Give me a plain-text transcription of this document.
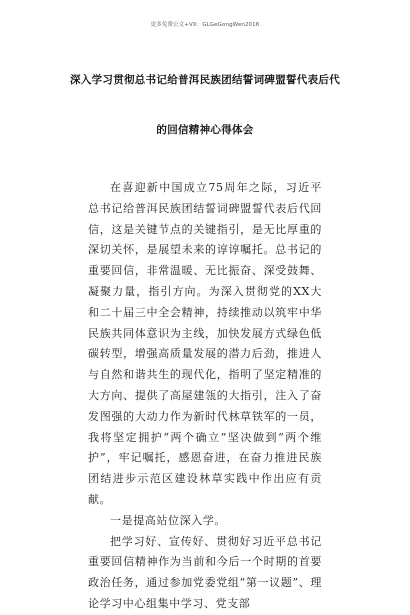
更多免费公文+VX：GLGeGongWen2016
深入学习贯彻总书记给普洱民族团结誓词碑盟誓代表后代
的回信精神心得体会

在喜迎新中国成立75周年之际，习近平总书记给普洱民族团结誓词碑盟誓代表后代回信，这是关键节点的关键指引，是无比厚重的深切关怀，是展望未来的谆谆嘱托。总书记的重要回信，非常温暖、无比振奋、深受鼓舞、凝聚力量，指引方向。为深入贯彻党的XX大和二十届三中全会精神，持续推动以筑牢中华民族共同体意识为主线，加快发展方式绿色低碳转型，增强高质量发展的潜力后劲，推进人与自然和谐共生的现代化，指明了坚定精准的大方向、提供了高屋建瓴的大指引，注入了奋发图强的大动力作为新时代林草铁军的一员，我将坚定拥护“两个确立”坚决做到“两个维护”，牢记嘱托，感恩奋进，在奋力推进民族团结进步示范区建设林草实践中作出应有贡献。

一是提高站位深入学。

把学习好、宣传好、贯彻好习近平总书记重要回信精神作为当前和今后一个时期的首要政治任务，通过参加党委党组“第一议题”、理论学习中心组集中学习、党支部
